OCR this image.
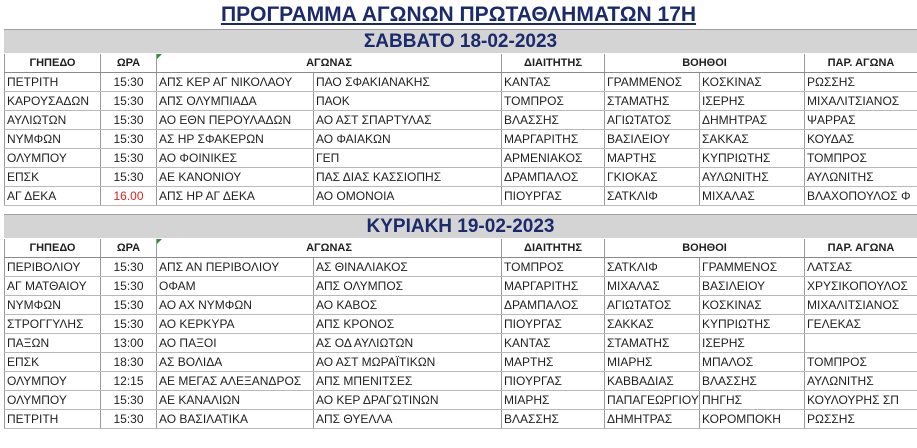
ΠΡΟΓΡΑΜΜΑ ΑΓΩΝΩΝ ΠΡΩΤΑΘΛΗΜΑΤΩΝ 17Η
ΣΑΒΒΑΤΟ 18-02-2023
ΓΗΠΕΔΟ	ΩΡΑ	ΑΓΩΝΑΣ		ΔΙΑΙΤΗΤΗΣ	ΒΟΗΘΟΙ		ΠΑΡ. ΑΓΩΝΑ
ΠΕΤΡΙΤΗ	15:30	ΑΠΣ ΚΕΡ ΑΓ ΝΙΚΟΛΑΟΥ	ΠΑΟ ΣΦΑΚΙΑΝΑΚΗΣ	ΚΑΝΤΑΣ	ΓΡΑΜΜΕΝΟΣ	ΚΟΣΚΙΝΑΣ	ΡΩΣΣΗΣ
ΚΑΡΟΥΣΑΔΩΝ	15:30	ΑΠΣ ΟΛΥΜΠΙΑΔΑ	ΠΑΟΚ	ΤΟΜΠΡΟΣ	ΣΤΑΜΑΤΗΣ	ΙΣΕΡΗΣ	ΜΙΧΑΛΙΤΣΙΑΝΟΣ
ΑΥΛΙΩΤΩΝ	15:30	ΑΟ ΕΘΝ ΠΕΡΟΥΛΑΔΩΝ	ΑΟ ΑΣΤ ΣΠΑΡΤΥΛΑΣ	ΒΛΑΣΣΗΣ	ΑΓΙΩΤΑΤΟΣ	ΔΗΜΗΤΡΑΣ	ΨΑΡΡΑΣ
ΝΥΜΦΩΝ	15:30	ΑΣ ΗΡ ΣΦΑΚΕΡΩΝ	ΑΟ ΦΑΙΑΚΩΝ	ΜΑΡΓΑΡΙΤΗΣ	ΒΑΣΙΛΕΙΟΥ	ΣΑΚΚΑΣ	ΚΟΥΔΑΣ
ΟΛΥΜΠΟΥ	15:30	ΑΟ ΦΟΙΝΙΚΕΣ	ΓΕΠ	ΑΡΜΕΝΙΑΚΟΣ	ΜΑΡΤΗΣ	ΚΥΠΡΙΩΤΗΣ	ΤΟΜΠΡΟΣ
ΕΠΣΚ	15:30	ΑΕ ΚΑΝΟΝΙΟΥ	ΠΑΣ ΔΙΑΣ ΚΑΣΣΙΟΠΗΣ	ΔΡΑΜΠΑΛΟΣ	ΓΚΙΟΚΑΣ	ΑΥΛΩΝΙΤΗΣ	ΑΥΛΩΝΙΤΗΣ
ΑΓ ΔΕΚΑ	16.00	ΑΠΣ ΗΡ ΑΓ ΔΕΚΑ	ΑΟ ΟΜΟΝΟΙΑ	ΠΙΟΥΡΓΑΣ	ΣΑΤΚΛΙΦ	ΜΙΧΑΛΑΣ	ΒΛΑΧΟΠΟΥΛΟΣ Φ
ΚΥΡΙΑΚΗ 19-02-2023
ΓΗΠΕΔΟ	ΩΡΑ	ΑΓΩΝΑΣ		ΔΙΑΙΤΗΤΗΣ	ΒΟΗΘΟΙ		ΠΑΡ. ΑΓΩΝΑ
ΠΕΡΙΒΟΛΙΟΥ	15:30	ΑΠΣ ΑΝ ΠΕΡΙΒΟΛΙΟΥ	ΑΣ ΘΙΝΑΛΙΑΚΟΣ	ΤΟΜΠΡΟΣ	ΣΑΤΚΛΙΦ	ΓΡΑΜΜΕΝΟΣ	ΛΑΤΣΑΣ
ΑΓ ΜΑΤΘΑΙΟΥ	15:30	ΟΦΑΜ	ΑΠΣ ΟΛΥΜΠΟΣ	ΜΑΡΓΑΡΙΤΗΣ	ΜΙΧΑΛΑΣ	ΒΑΣΙΛΕΙΟΥ	ΧΡΥΣΙΚΟΠΟΥΛΟΣ
ΝΥΜΦΩΝ	15:30	ΑΟ ΑΧ ΝΥΜΦΩΝ	ΑΟ ΚΑΒΟΣ	ΔΡΑΜΠΑΛΟΣ	ΑΓΙΩΤΑΤΟΣ	ΚΟΣΚΙΝΑΣ	ΜΙΧΑΛΙΤΣΙΑΝΟΣ
ΣΤΡΟΓΓΥΛΗΣ	15:30	ΑΟ ΚΕΡΚΥΡΑ	ΑΠΣ ΚΡΟΝΟΣ	ΠΙΟΥΡΓΑΣ	ΣΑΚΚΑΣ	ΚΥΠΡΙΩΤΗΣ	ΓΕΛΕΚΑΣ
ΠΑΞΩΝ	13:00	ΑΟ ΠΑΞΟΙ	ΑΣ ΟΔ ΑΥΛΙΩΤΩΝ	ΚΑΝΤΑΣ	ΣΤΑΜΑΤΗΣ	ΙΣΕΡΗΣ	
ΕΠΣΚ	18:30	ΑΣ ΒΟΛΙΔΑ	ΑΟ ΑΣΤ ΜΩΡΑΪΤΙΚΩΝ	ΜΑΡΤΗΣ	ΜΙΑΡΗΣ	ΜΠΑΛΟΣ	ΤΟΜΠΡΟΣ
ΟΛΥΜΠΟΥ	12:15	ΑΕ ΜΕΓΑΣ ΑΛΕΞΑΝΔΡΟΣ	ΑΠΣ ΜΠΕΝΙΤΣΕΣ	ΠΙΟΥΡΓΑΣ	ΚΑΒΒΑΔΙΑΣ	ΒΛΑΣΣΗΣ	ΑΥΛΩΝΙΤΗΣ
ΟΛΥΜΠΟΥ	15:30	ΑΕ ΚΑΝΑΛΙΩΝ	ΑΟ ΚΕΡ ΔΡΑΓΩΤΙΝΩΝ	ΜΙΑΡΗΣ	ΠΑΠΑΓΕΩΡΓΙΟΥ	ΠΗΓΗΣ	ΚΟΥΛΟΥΡΗΣ ΣΠ
ΠΕΤΡΙΤΗ	15:30	ΑΟ ΒΑΣΙΛΑΤΙΚΑ	ΑΠΣ ΘΥΕΛΛΑ	ΒΛΑΣΣΗΣ	ΔΗΜΗΤΡΑΣ	ΚΟΡΟΜΠΟΚΗ	ΡΩΣΣΗΣ
